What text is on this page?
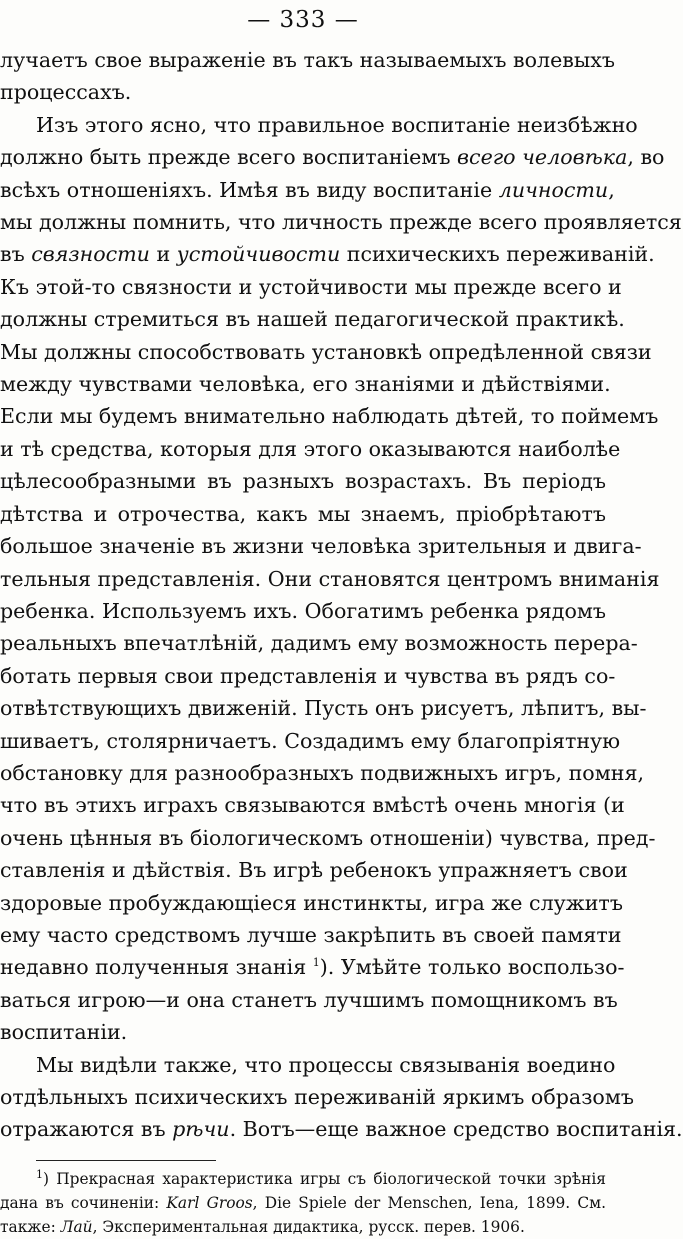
— 333 —
лучаетъ свое выраженіе въ такъ называемыхъ волевыхъ
процессахъ.
Изъ этого ясно, что правильное воспитаніе неизбѣжно
должно быть прежде всего воспитаніемъ всего человѣка, во
всѣхъ отношеніяхъ. Имѣя въ виду воспитаніе личности,
мы должны помнить, что личность прежде всего проявляется
въ связности и устойчивости психическихъ переживаній.
Къ этой-то связности и устойчивости мы прежде всего и
должны стремиться въ нашей педагогической практикѣ.
Мы должны способствовать установкѣ опредѣленной связи
между чувствами человѣка, его знаніями и дѣйствіями.
Если мы будемъ внимательно наблюдать дѣтей, то поймемъ
и тѣ средства, которыя для этого оказываются наиболѣе
цѣлесообразными въ разныхъ возрастахъ. Въ періодъ
дѣтства и отрочества, какъ мы знаемъ, пріобрѣтаютъ
большое значеніе въ жизни человѣка зрительныя и двига-
тельныя представленія. Они становятся центромъ вниманія
ребенка. Используемъ ихъ. Обогатимъ ребенка рядомъ
реальныхъ впечатлѣній, дадимъ ему возможность перера-
ботать первыя свои представленія и чувства въ рядъ со-
отвѣтствующихъ движеній. Пусть онъ рисуетъ, лѣпитъ, вы-
шиваетъ, столярничаетъ. Создадимъ ему благопріятную
обстановку для разнообразныхъ подвижныхъ игръ, помня,
что въ этихъ играхъ связываются вмѣстѣ очень многія (и
очень цѣнныя въ біологическомъ отношеніи) чувства, пред-
ставленія и дѣйствія. Въ игрѣ ребенокъ упражняетъ свои
здоровые пробуждающіеся инстинкты, игра же служитъ
ему часто средствомъ лучше закрѣпить въ своей памяти
недавно полученныя знанія $^1$). Умѣйте только воспользо-
ваться игрою—и она станетъ лучшимъ помощникомъ въ
воспитаніи.
Мы видѣли также, что процессы связыванія воедино
отдѣльныхъ психическихъ переживаній яркимъ образомъ
отражаются въ рѣчи. Вотъ—еще важное средство воспитанія.
$^1$) Прекрасная характеристика игры съ біологической точки зрѣнія
дана въ сочиненіи: Karl Groos, Die Spiele der Menschen, Iena, 1899. См.
также: Лай, Экспериментальная дидактика, русск. перев. 1906.
